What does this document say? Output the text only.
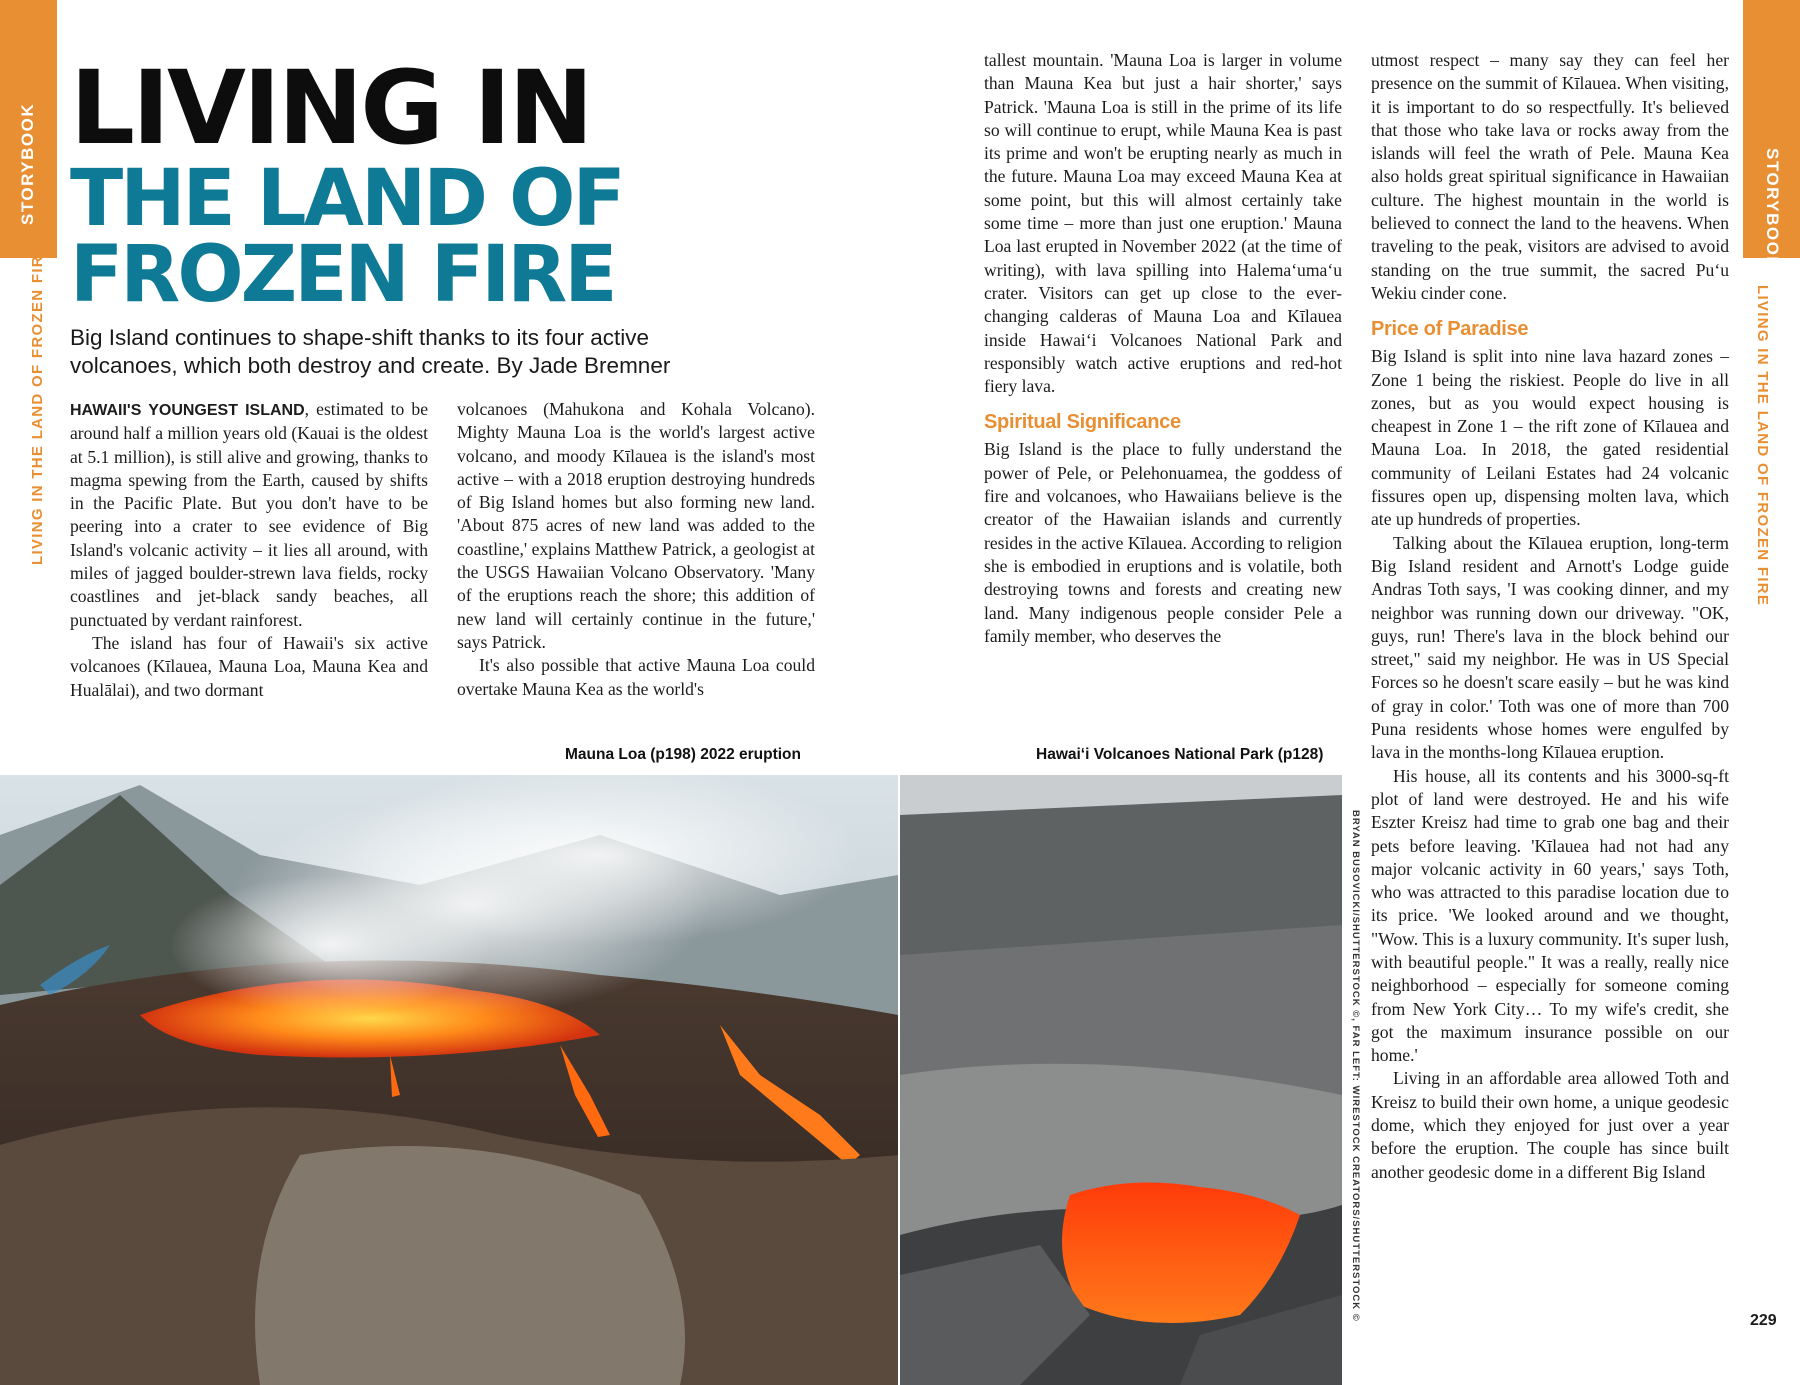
STORYBOOK	STORYBOOK
LIVING IN THE LAND OF FROZEN FIRE	LIVING IN THE LAND OF FROZEN FIRE
LIVING IN
THE LAND OF
FROZEN FIRE
Big Island continues to shape-shift thanks to its four active volcanoes, which both destroy and create. By Jade Bremner

HAWAII'S YOUNGEST ISLAND, estimated to be around half a million years old (Kauai is the oldest at 5.1 million), is still alive and growing, thanks to magma spewing from the Earth, caused by shifts in the Pacific Plate. But you don't have to be peering into a crater to see evidence of Big Island's volcanic activity – it lies all around, with miles of jagged boulder-strewn lava fields, rocky coastlines and jet-black sandy beaches, all punctuated by verdant rainforest.

The island has four of Hawaii's six active volcanoes (Kīlauea, Mauna Loa, Mauna Kea and Hualālai), and two dormant

volcanoes (Mahukona and Kohala Volcano). Mighty Mauna Loa is the world's largest active volcano, and moody Kīlauea is the island's most active – with a 2018 eruption destroying hundreds of Big Island homes but also forming new land. 'About 875 acres of new land was added to the coastline,' explains Matthew Patrick, a geologist at the USGS Hawaiian Volcano Observatory. 'Many of the eruptions reach the shore; this addition of new land will certainly continue in the future,' says Patrick.

It's also possible that active Mauna Loa could overtake Mauna Kea as the world's

tallest mountain. 'Mauna Loa is larger in volume than Mauna Kea but just a hair shorter,' says Patrick. 'Mauna Loa is still in the prime of its life so will continue to erupt, while Mauna Kea is past its prime and won't be erupting nearly as much in the future. Mauna Loa may exceed Mauna Kea at some point, but this will almost certainly take some time – more than just one eruption.' Mauna Loa last erupted in November 2022 (at the time of writing), with lava spilling into Halemaʻumaʻu crater. Visitors can get up close to the ever-changing calderas of Mauna Loa and Kīlauea inside Hawaiʻi Volcanoes National Park and responsibly watch active eruptions and red-hot fiery lava.

Spiritual Significance

Big Island is the place to fully understand the power of Pele, or Pelehonuamea, the goddess of fire and volcanoes, who Hawaiians believe is the creator of the Hawaiian islands and currently resides in the active Kīlauea. According to religion she is embodied in eruptions and is volatile, both destroying towns and forests and creating new land. Many indigenous people consider Pele a family member, who deserves the

utmost respect – many say they can feel her presence on the summit of Kīlauea. When visiting, it is important to do so respectfully. It's believed that those who take lava or rocks away from the islands will feel the wrath of Pele. Mauna Kea also holds great spiritual significance in Hawaiian culture. The highest mountain in the world is believed to connect the land to the heavens. When traveling to the peak, visitors are advised to avoid standing on the true summit, the sacred Puʻu Wekiu cinder cone.

Price of Paradise

Big Island is split into nine lava hazard zones – Zone 1 being the riskiest. People do live in all zones, but as you would expect housing is cheapest in Zone 1 – the rift zone of Kīlauea and Mauna Loa. In 2018, the gated residential community of Leilani Estates had 24 volcanic fissures open up, dispensing molten lava, which ate up hundreds of properties.

Talking about the Kīlauea eruption, long-term Big Island resident and Arnott's Lodge guide Andras Toth says, 'I was cooking dinner, and my neighbor was running down our driveway. "OK, guys, run! There's lava in the block behind our street," said my neighbor. He was in US Special Forces so he doesn't scare easily – but he was kind of gray in color.' Toth was one of more than 700 Puna residents whose homes were engulfed by lava in the months-long Kīlauea eruption.

His house, all its contents and his 3000-sq-ft plot of land were destroyed. He and his wife Eszter Kreisz had time to grab one bag and their pets before leaving. 'Kīlauea had not had any major volcanic activity in 60 years,' says Toth, who was attracted to this paradise location due to its price. 'We looked around and we thought, "Wow. This is a luxury community. It's super lush, with beautiful people." It was a really, really nice neighborhood – especially for someone coming from New York City… To my wife's credit, she got the maximum insurance possible on our home.'

Living in an affordable area allowed Toth and Kreisz to build their own home, a unique geodesic dome, which they enjoyed for just over a year before the eruption. The couple has since built another geodesic dome in a different Big Island

Mauna Loa (p198) 2022 eruption	Hawaiʻi Volcanoes National Park (p128)
BRYAN BUSOVICKI/SHUTTERSTOCK ©, FAR LEFT: WIRESTOCK CREATORS/SHUTTERSTOCK ©	229
